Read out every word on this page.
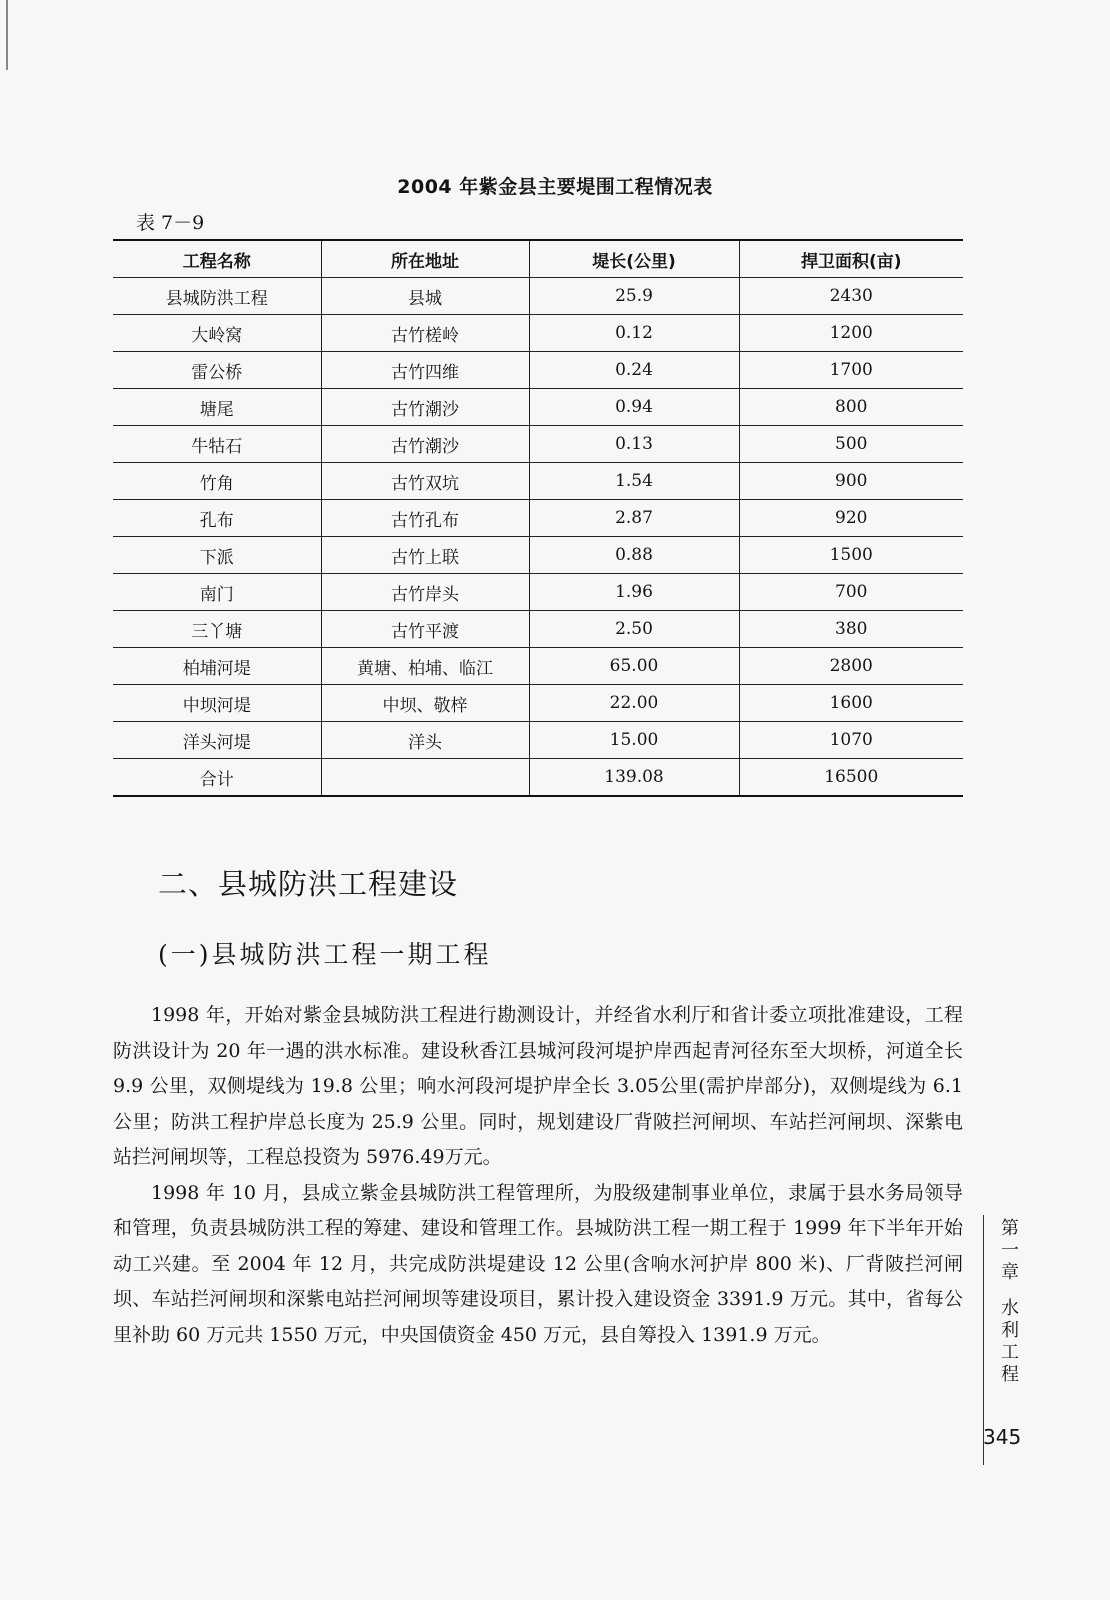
2004 年紫金县主要堤围工程情况表
表 7－9
工程名称	所在地址	堤长(公里)	捍卫面积(亩)
县城防洪工程	县城	25.9	2430
大岭窝	古竹槎岭	0.12	1200
雷公桥	古竹四维	0.24	1700
塘尾	古竹潮沙	0.94	800
牛牯石	古竹潮沙	0.13	500
竹角	古竹双坑	1.54	900
孔布	古竹孔布	2.87	920
下派	古竹上联	0.88	1500
南门	古竹岸头	1.96	700
三丫塘	古竹平渡	2.50	380
柏埔河堤	黄塘、柏埔、临江	65.00	2800
中坝河堤	中坝、敬梓	22.00	1600
洋头河堤	洋头	15.00	1070
合计		139.08	16500
二、县城防洪工程建设
(一)县城防洪工程一期工程

1998 年，开始对紫金县城防洪工程进行勘测设计，并经省水利厅和省计委立项批准建设，工程防洪设计为 20 年一遇的洪水标准。建设秋香江县城河段河堤护岸西起青河径东至大坝桥，河道全长 9.9 公里，双侧堤线为 19.8 公里；响水河段河堤护岸全长 3.05公里(需护岸部分)，双侧堤线为 6.1 公里；防洪工程护岸总长度为 25.9 公里。同时，规划建设厂背陂拦河闸坝、车站拦河闸坝、深紫电站拦河闸坝等，工程总投资为 5976.49万元。

1998 年 10 月，县成立紫金县城防洪工程管理所，为股级建制事业单位，隶属于县水务局领导和管理，负责县城防洪工程的筹建、建设和管理工作。县城防洪工程一期工程于 1999 年下半年开始动工兴建。至 2004 年 12 月，共完成防洪堤建设 12 公里(含响水河护岸 800 米)、厂背陂拦河闸坝、车站拦河闸坝和深紫电站拦河闸坝等建设项目，累计投入建设资金 3391.9 万元。其中，省每公里补助 60 万元共 1550 万元，中央国债资金 450 万元，县自筹投入 1391.9 万元。

第
一
章
水
利
工
程
345
